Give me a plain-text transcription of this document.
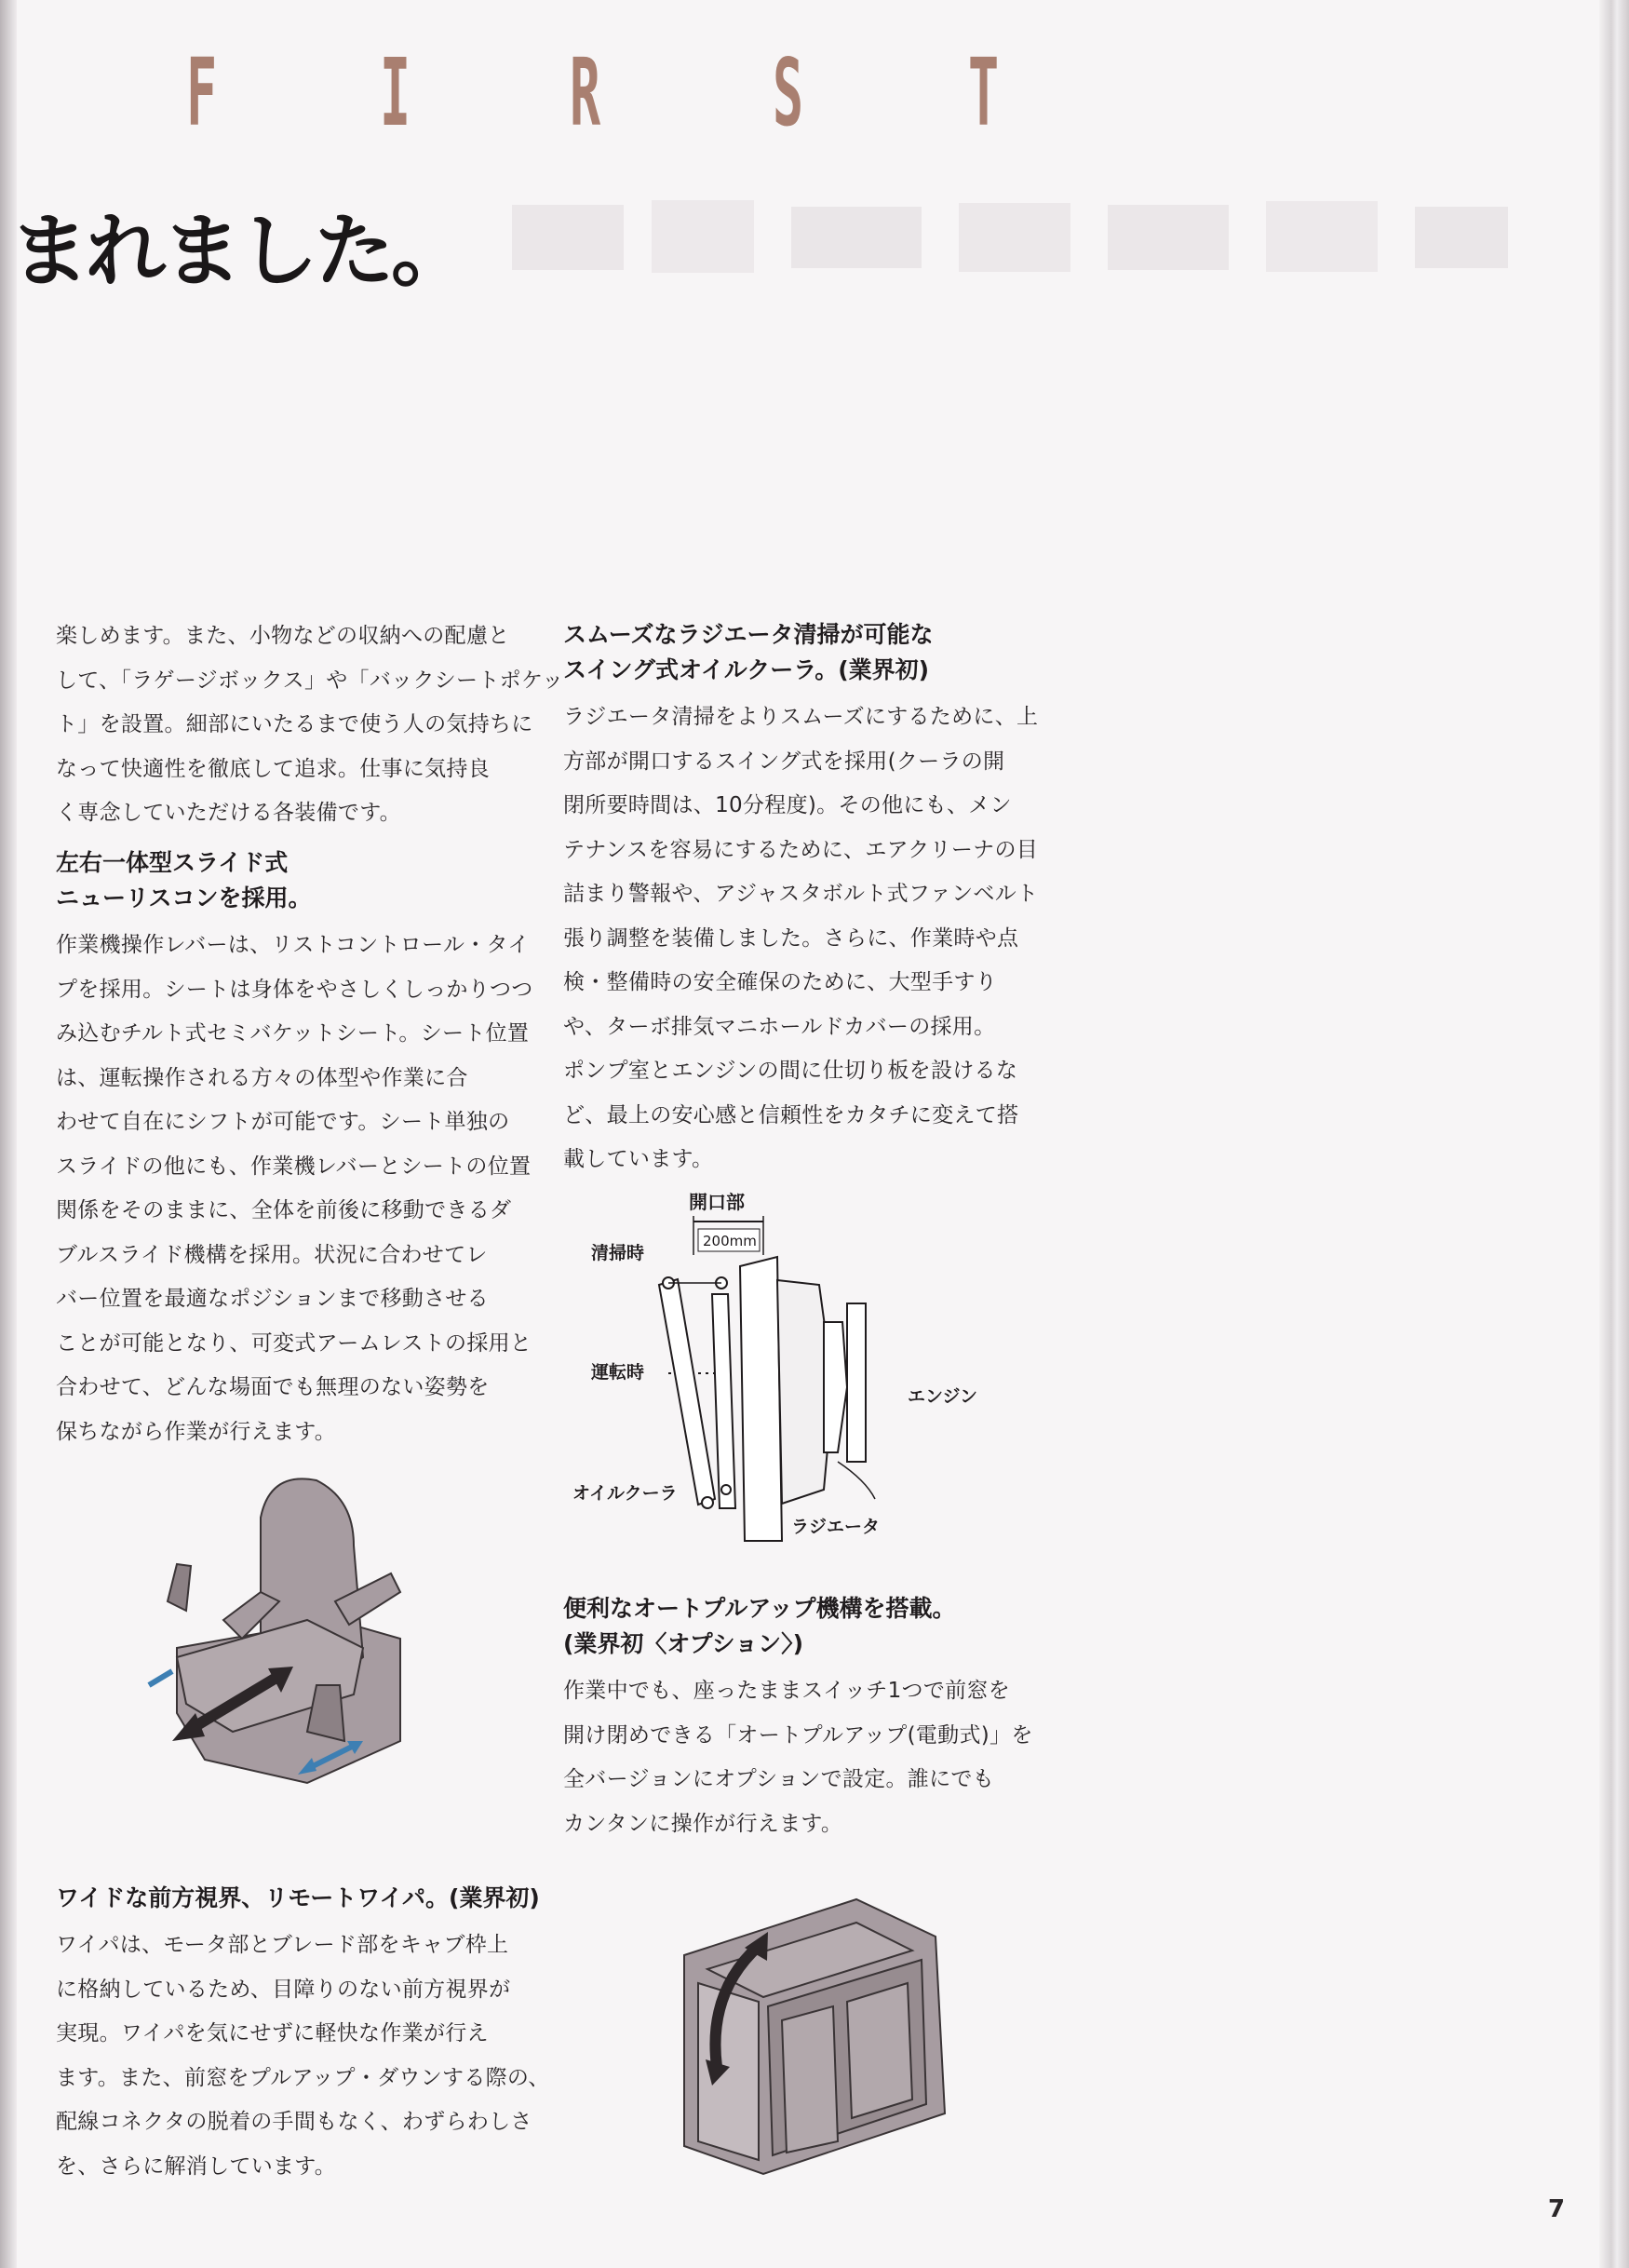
F I R S T
まれました。

楽しめます。また、小物などの収納への配慮と

して、「ラゲージボックス」や「バックシートポケッ

ト」を設置。細部にいたるまで使う人の気持ちに

なって快適性を徹底して追求。仕事に気持良

く専念していただける各装備です。

左右一体型スライド式

ニューリスコンを採用。

作業機操作レバーは、リストコントロール・タイ

プを採用。シートは身体をやさしくしっかりつつ

み込むチルト式セミバケットシート。シート位置

は、運転操作される方々の体型や作業に合

わせて自在にシフトが可能です。シート単独の

スライドの他にも、作業機レバーとシートの位置

関係をそのままに、全体を前後に移動できるダ

ブルスライド機構を採用。状況に合わせてレ

バー位置を最適なポジションまで移動させる

ことが可能となり、可変式アームレストの採用と

合わせて、どんな場面でも無理のない姿勢を

保ちながら作業が行えます。

ワイドな前方視界、リモートワイパ。(業界初)

ワイパは、モータ部とブレード部をキャブ枠上

に格納しているため、目障りのない前方視界が

実現。ワイパを気にせずに軽快な作業が行え

ます。また、前窓をプルアップ・ダウンする際の、

配線コネクタの脱着の手間もなく、わずらわしさ

を、さらに解消しています。

スムーズなラジエータ清掃が可能な

スイング式オイルクーラ。(業界初)

ラジエータ清掃をよりスムーズにするために、上

方部が開口するスイング式を採用(クーラの開

閉所要時間は、10分程度)。その他にも、メン

テナンスを容易にするために、エアクリーナの目

詰まり警報や、アジャスタボルト式ファンベルト

張り調整を装備しました。さらに、作業時や点

検・整備時の安全確保のために、大型手すり

や、ターボ排気マニホールドカバーの採用。

ポンプ室とエンジンの間に仕切り板を設けるな

ど、最上の安心感と信頼性をカタチに変えて搭

載しています。

開口部
200mm
清掃時
運転時
エンジン
オイルクーラ
ラジエータ

便利なオートプルアップ機構を搭載。

(業界初〈オプション〉)

作業中でも、座ったままスイッチ1つで前窓を

開け閉めできる「オートプルアップ(電動式)」を

全バージョンにオプションで設定。誰にでも

カンタンに操作が行えます。

7
